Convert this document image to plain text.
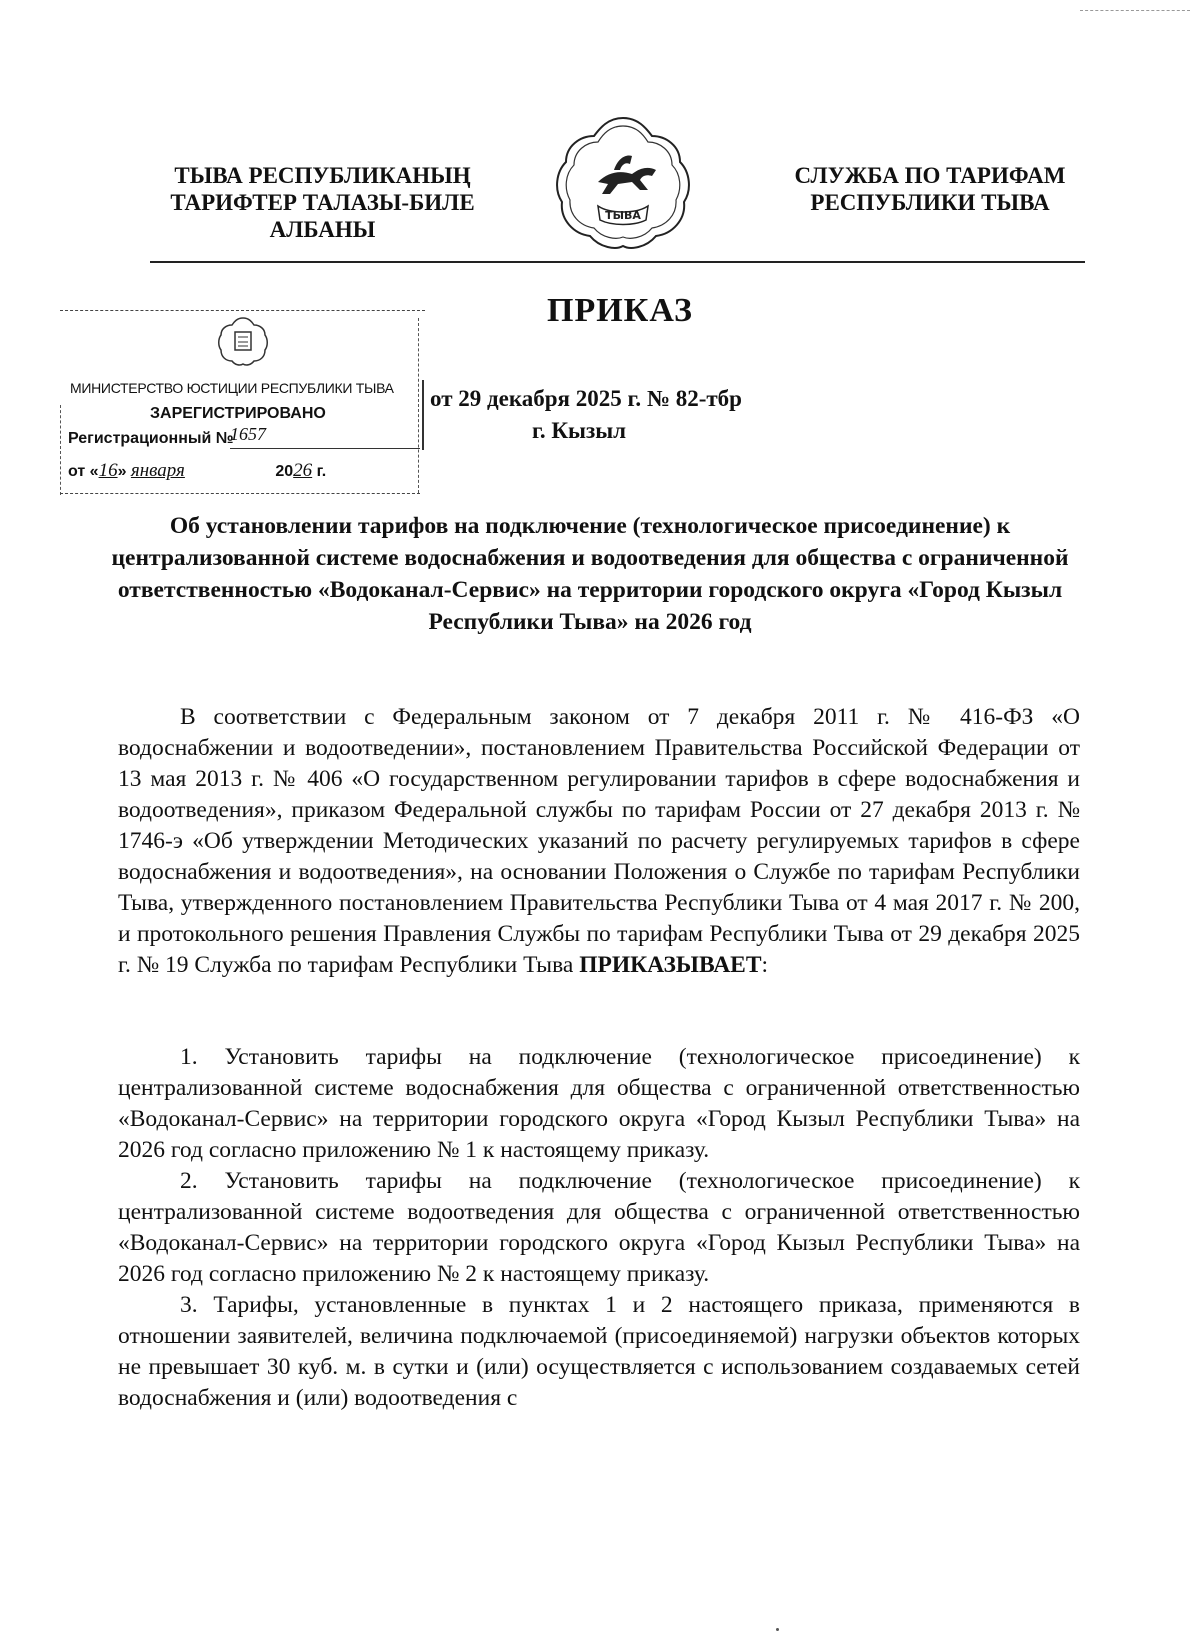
ТЫВА РЕСПУБЛИКАНЫҢ
ТАРИФТЕР ТАЛАЗЫ-БИЛЕ
АЛБАНЫ
ТЫВА
СЛУЖБА ПО ТАРИФАМ
РЕСПУБЛИКИ ТЫВА
ПРИКАЗ
МИНИСТЕРСТВО ЮСТИЦИИ РЕСПУБЛИКИ ТЫВА
ЗАРЕГИСТРИРОВАНО
Регистрационный №
1657
от «16» января	2026 г.
от 29 декабря 2025 г. № 82-тбр
г. Кызыл
Об установлении тарифов на подключение (технологическое присоединение) к централизованной системе водоснабжения и водоотведения для общества с ограниченной ответственностью «Водоканал-Сервис» на территории городского округа «Город Кызыл Республики Тыва» на 2026 год

В соответствии с Федеральным законом от 7 декабря 2011 г. № 416-ФЗ «О водоснабжении и водоотведении», постановлением Правительства Российской Федерации от 13 мая 2013 г. № 406 «О государственном регулировании тарифов в сфере водоснабжения и водоотведения», приказом Федеральной службы по тарифам России от 27 декабря 2013 г. № 1746-э «Об утверждении Методических указаний по расчету регулируемых тарифов в сфере водоснабжения и водоотведения», на основании Положения о Службе по тарифам Республики Тыва, утвержденного постановлением Правительства Республики Тыва от 4 мая 2017 г. № 200, и протокольного решения Правления Службы по тарифам Республики Тыва от 29 декабря 2025 г. № 19 Служба по тарифам Республики Тыва ПРИКАЗЫВАЕТ:

1. Установить тарифы на подключение (технологическое присоединение) к централизованной системе водоснабжения для общества с ограниченной ответственностью «Водоканал-Сервис» на территории городского округа «Город Кызыл Республики Тыва» на 2026 год согласно приложению № 1 к настоящему приказу.

2. Установить тарифы на подключение (технологическое присоединение) к централизованной системе водоотведения для общества с ограниченной ответственностью «Водоканал-Сервис» на территории городского округа «Город Кызыл Республики Тыва» на 2026 год согласно приложению № 2 к настоящему приказу.

3. Тарифы, установленные в пунктах 1 и 2 настоящего приказа, применяются в отношении заявителей, величина подключаемой (присоединяемой) нагрузки объектов которых не превышает 30 куб. м. в сутки и (или) осуществляется с использованием создаваемых сетей водоснабжения и (или) водоотведения с
